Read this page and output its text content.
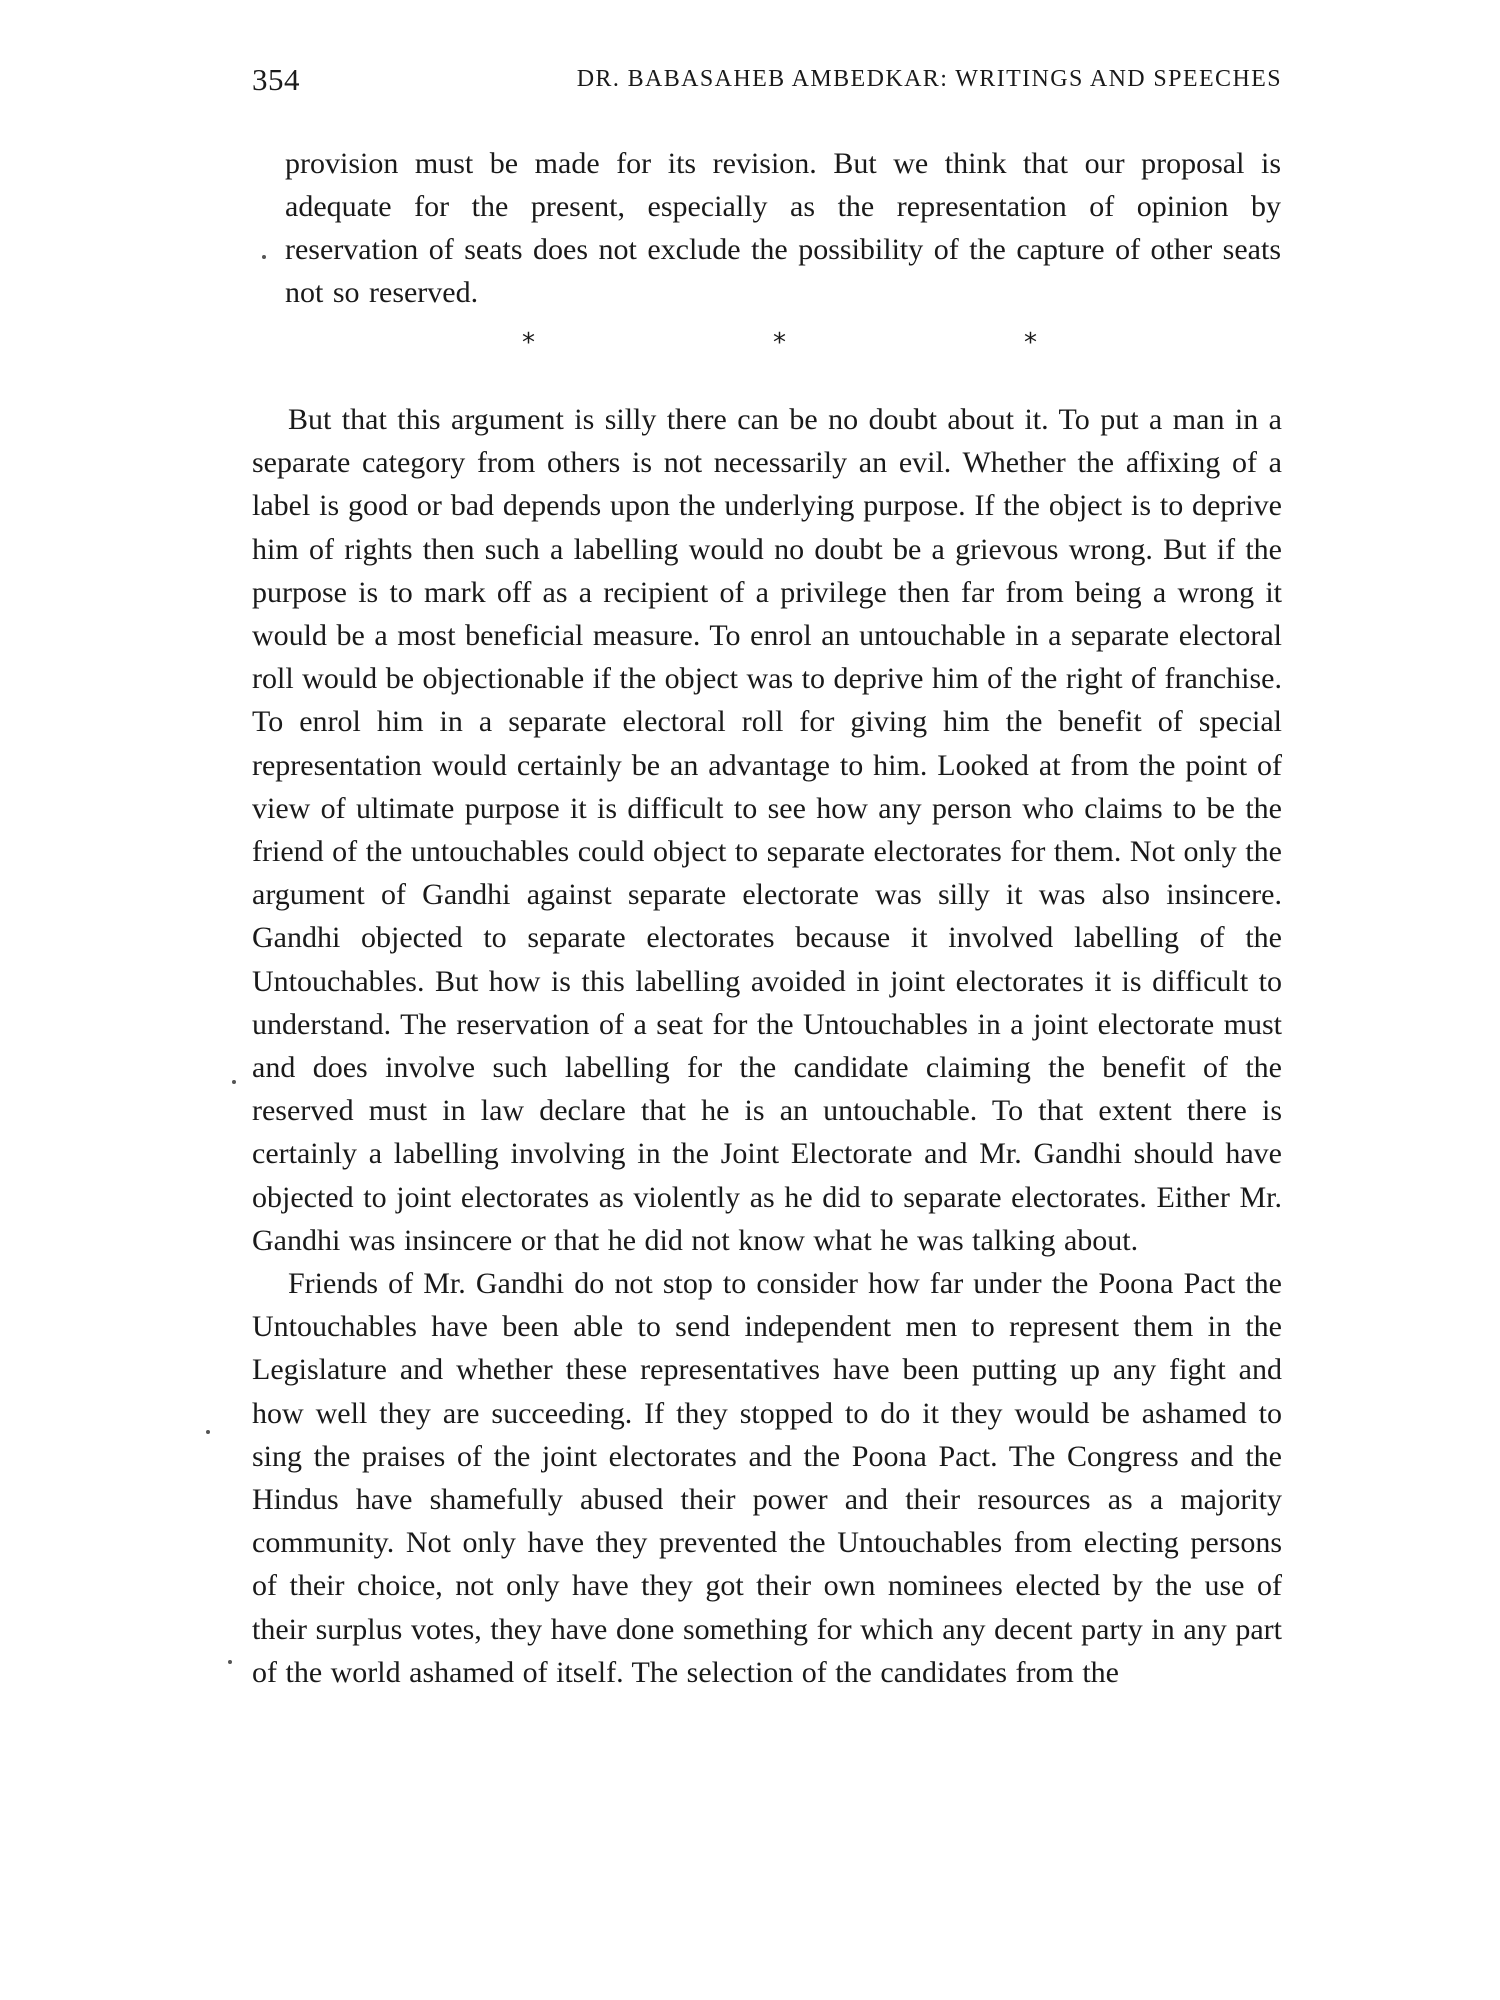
354	DR. BABASAHEB AMBEDKAR: WRITINGS AND SPEECHES
provision must be made for its revision. But we think that our proposal is adequate for the present, especially as the representation of opinion by reservation of seats does not exclude the possibility of the capture of other seats not so reserved.
*	*	*

But that this argument is silly there can be no doubt about it. To put a man in a separate category from others is not necessarily an evil. Whether the affixing of a label is good or bad depends upon the underlying purpose. If the object is to deprive him of rights then such a labelling would no doubt be a grievous wrong. But if the purpose is to mark off as a recipient of a privilege then far from being a wrong it would be a most beneficial measure. To enrol an untouchable in a separate electoral roll would be objectionable if the object was to deprive him of the right of franchise. To enrol him in a separate electoral roll for giving him the benefit of special representation would certainly be an advantage to him. Looked at from the point of view of ultimate purpose it is difficult to see how any person who claims to be the friend of the untouchables could object to separate electorates for them. Not only the argument of Gandhi against separate electorate was silly it was also insincere. Gandhi objected to separate electorates because it involved labelling of the Untouchables. But how is this labelling avoided in joint electorates it is difficult to understand. The reservation of a seat for the Untouchables in a joint electorate must and does involve such labelling for the candidate claiming the benefit of the reserved must in law declare that he is an untouchable. To that extent there is certainly a labelling involving in the Joint Electorate and Mr. Gandhi should have objected to joint electorates as violently as he did to separate electorates. Either Mr. Gandhi was insincere or that he did not know what he was talking about.

Friends of Mr. Gandhi do not stop to consider how far under the Poona Pact the Untouchables have been able to send independent men to represent them in the Legislature and whether these representatives have been putting up any fight and how well they are succeeding. If they stopped to do it they would be ashamed to sing the praises of the joint electorates and the Poona Pact. The Congress and the Hindus have shamefully abused their power and their resources as a majority community. Not only have they prevented the Untouchables from electing persons of their choice, not only have they got their own nominees elected by the use of their surplus votes, they have done something for which any decent party in any part of the world ashamed of itself. The selection of the candidates from the
